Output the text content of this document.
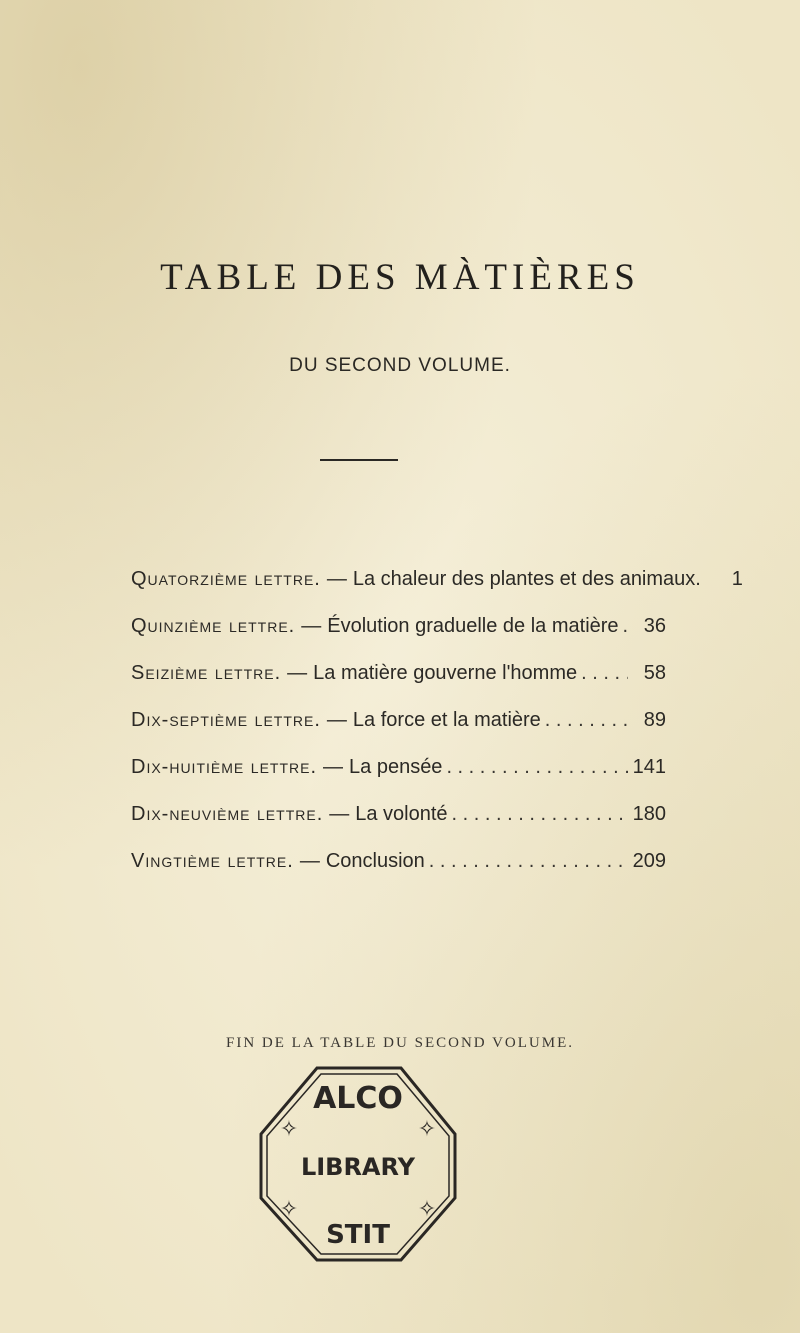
TABLE DES MÀTIÈRES
DU SECOND VOLUME.
Quatorzième lettre. — La chaleur des plantes et des animaux.	1
Quinzième lettre. — Évolution graduelle de la matière . . .	36
Seizième lettre. — La matière gouverne l'homme . . .	58
Dix-septième lettre. — La force et la matière . . .	89
Dix-huitième lettre. — La pensée . . .	141
Dix-neuvième lettre. — La volonté . . .	180
Vingtième lettre. — Conclusion . . .	209
FIN DE LA TABLE DU SECOND VOLUME.
ALCO
LIBRARY
STIT
✧	✧
✧	✧
